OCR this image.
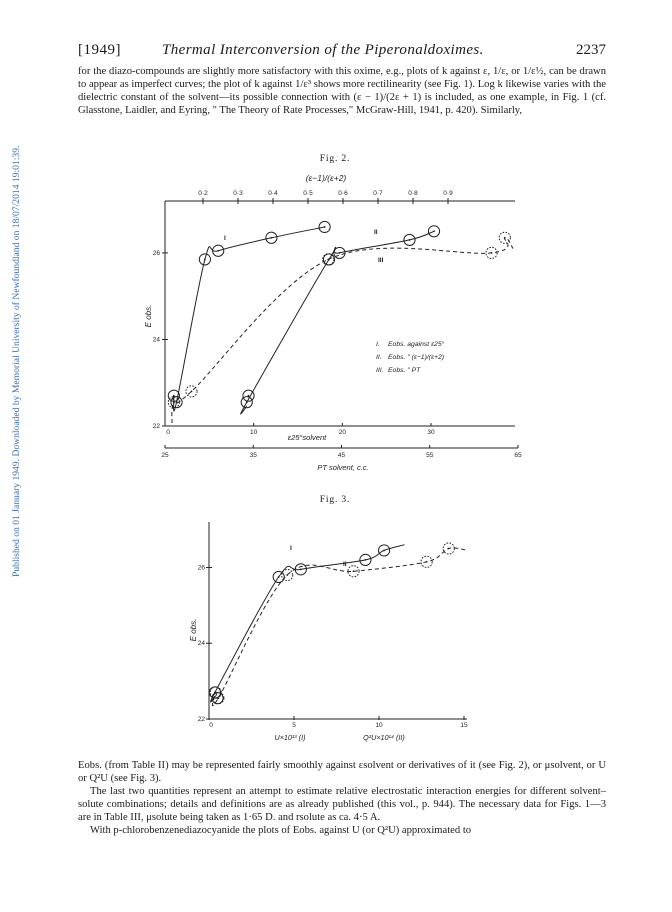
Published on 01 January 1949. Downloaded by Memorial University of Newfoundland on 18/07/2014 19:01:39.
[1949]	Thermal Interconversion of the Piperonaldoximes.	2237

for the diazo-compounds are slightly more satisfactory with this oxime, e.g., plots of k against ε, 1/ε, or 1/ε½, can be drawn to appear as imperfect curves; the plot of k against 1/ε³ shows more rectilinearity (see Fig. 1). Log k likewise varies with the dielectric constant of the solvent—its possible connection with (ε − 1)/(2ε + 1) is included, as one example, in Fig. 1 (cf. Glasstone, Laidler, and Eyring, " The Theory of Rate Processes," McGraw-Hill, 1941, p. 420). Similarly,

Fig. 2.
Fig. 3.
22
24
26
0·2	0·3	0·4	0·5	0·6	0·7	0·8	0·9
0	10	20	30
25	35	45	55	65
(ε−1)/(ε+2)
ε25°solvent
PT solvent, c.c.
E obs.
I
II
III
I. Eobs. against ε25°
II. Eobs. " (ε−1)/(ε+2)
III. Eobs. " PT
22
24
26
0	5	10	15
U×10¹³ (I)	Q²U×10¹⁴ (II)
E obs.
I
II

Eobs. (from Table II) may be represented fairly smoothly against εsolvent or derivatives of it (see Fig. 2), or μsolvent, or U or Q²U (see Fig. 3).
The last two quantities represent an attempt to estimate relative electrostatic interaction energies for different solvent–solute combinations; details and definitions are as already published (this vol., p. 944). The necessary data for Figs. 1—3 are in Table III, μsolute being taken as 1·65 D. and rsolute as ca. 4·5 A.
With p-chlorobenzenediazocyanide the plots of Eobs. against U (or Q²U) approximated to
